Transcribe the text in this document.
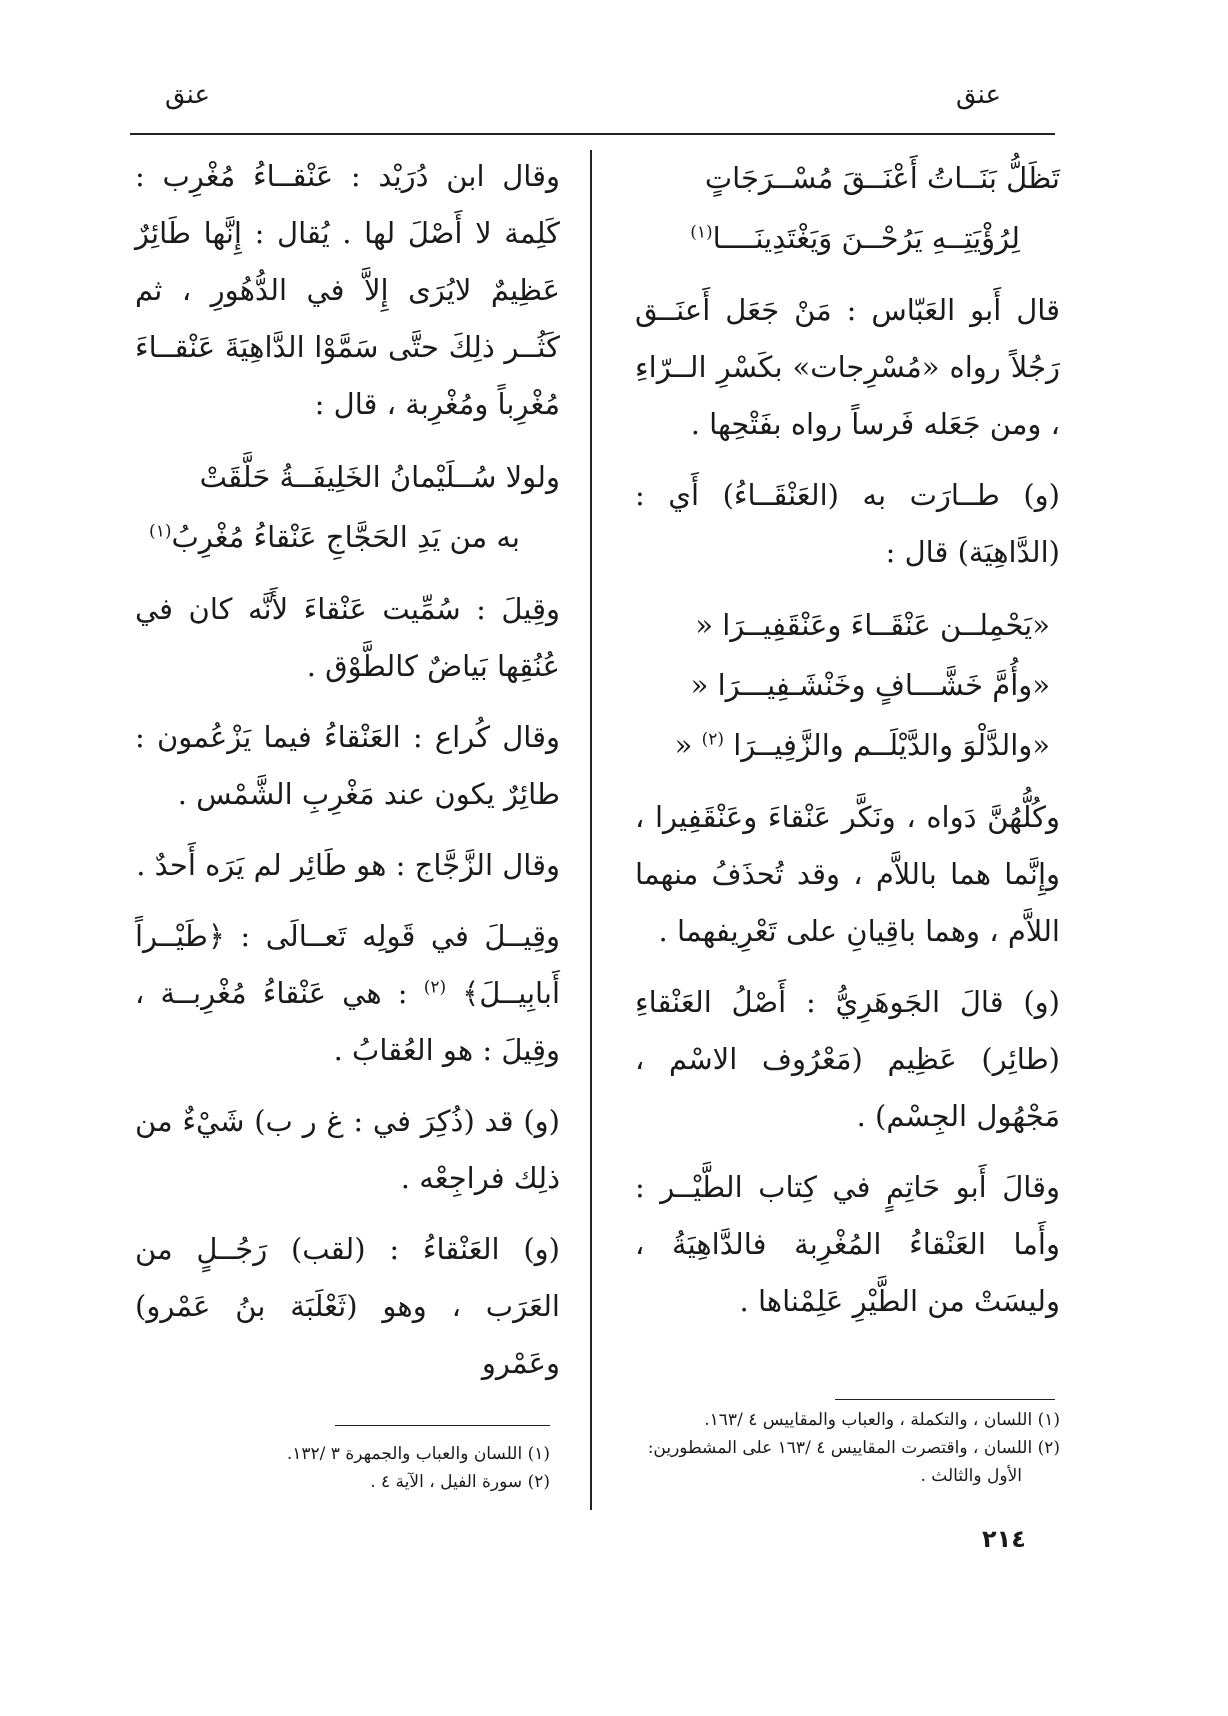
عنق
عنق
تَظَلُّ بَنَــاتُ أَعْنَــقَ مُسْــرَجَاتٍ
لِرُؤْيَتِــهِ يَرُحْــنَ وَيَغْتَدِينَــــا$^{(١)}$

قال أَبو العَبّاس : مَنْ جَعَل أَعنَــق رَجُلاً رواه «مُسْرِجات» بكَسْرِ الــرّاءِ ، ومن جَعَله فَرساً رواه بفَتْحِها .

(و) طــارَت به (العَنْقَــاءُ) أَي : (الدَّاهِيَة) قال :

«يَحْمِلــن عَنْقَــاءَ وعَنْقَفِيــرَا «
«وأُمَّ خَشَّـــافٍ وخَنْشَـفِيـــرَا «
«والدَّلْوَ والدَّيْلَــم والزَّفِيــرَا $^{(٢)}$ «

وكُلُّهُنَّ دَواه ، ونَكَّر عَنْقاءَ وعَنْقَفِيرا ، وإِنَّما هما باللاَّم ، وقد تُحذَفُ منهما اللاَّم ، وهما باقِيانِ على تَعْرِيفهما .

(و) قالَ الجَوهَرِيُّ : أَصْلُ العَنْقاءِ (طائِر) عَظِيم (مَعْرُوف الاسْم ، مَجْهُول الجِسْم) .

وقالَ أَبو حَاتِمٍ في كِتاب الطَّيْــر : وأَما العَنْقاءُ المُغْرِبة فالدَّاهِيَةُ ، وليسَتْ من الطَّيْرِ عَلِمْناها .

(١) اللسان ، والتكملة ، والعباب والمقاييس ٤ /١٦٣.
(٢) اللسان ، واقتصرت المقاييس ٤ /١٦٣ على المشطورين:
الأول والثالث .

وقال ابن دُرَيْد : عَنْقــاءُ مُغْرِب : كَلِمة لا أَصْلَ لها . يُقال : إِنَّها طَائِرٌ عَظِيمٌ لايُرَى إِلاَّ في الدُّهُورِ ، ثم كَثُــر ذلِكَ حتَّى سَمَّوْا الدَّاهِيَةَ عَنْقــاءَ مُغْرِباً ومُغْرِبة ، قال :

ولولا سُــلَيْمانُ الخَلِيفَــةُ حَلَّقَتْ
به من يَدِ الحَجَّاجِ عَنْقاءُ مُغْرِبُ$^{(١)}$

وقِيلَ : سُمِّيت عَنْقاءَ لأَنَّه كان في عُنُقِها بَياضٌ كالطَّوْق .

وقال كُراع : العَنْقاءُ فيما يَزْعُمون : طائِرٌ يكون عند مَغْرِبِ الشَّمْس .

وقال الزَّجَّاج : هو طَائِر لم يَرَه أَحدٌ .

وقِيــلَ في قَولِه تَعــالَى : ﴿طَيْــراً أَبابِيــلَ﴾ $^{(٢)}$ : هي عَنْقاءُ مُغْرِبــة ، وقِيلَ : هو العُقابُ .

(و) قد (ذُكِرَ في : غ ر ب) شَيْءٌ من ذلِك فراجِعْه .

(و) العَنْقاءُ : (لقب) رَجُــلٍ من العَرَب ، وهو (ثَعْلَبَة بنُ عَمْرو) وعَمْرو

(١) اللسان والعباب والجمهرة ٣ /١٣٢.
(٢) سورة الفيل ، الآية ٤ .
٢١٤
